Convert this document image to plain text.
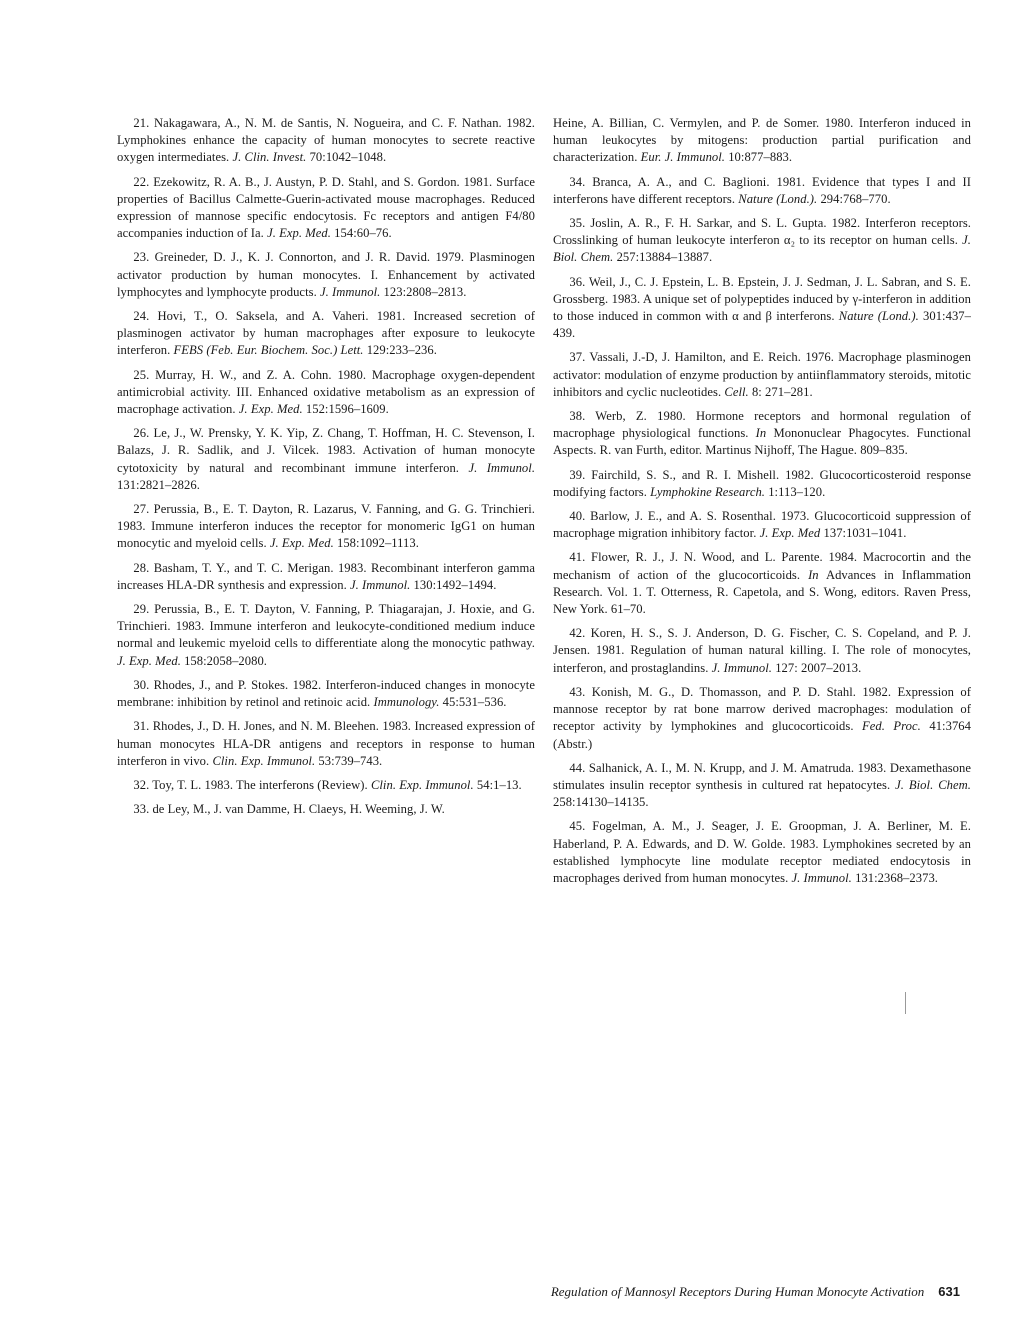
21. Nakagawara, A., N. M. de Santis, N. Nogueira, and C. F. Nathan. 1982. Lymphokines enhance the capacity of human monocytes to secrete reactive oxygen intermediates. J. Clin. Invest. 70:1042–1048.

22. Ezekowitz, R. A. B., J. Austyn, P. D. Stahl, and S. Gordon. 1981. Surface properties of Bacillus Calmette-Guerin-activated mouse macrophages. Reduced expression of mannose specific endocytosis. Fc receptors and antigen F4/80 accompanies induction of Ia. J. Exp. Med. 154:60–76.

23. Greineder, D. J., K. J. Connorton, and J. R. David. 1979. Plasminogen activator production by human monocytes. I. Enhancement by activated lymphocytes and lymphocyte products. J. Immunol. 123:2808–2813.

24. Hovi, T., O. Saksela, and A. Vaheri. 1981. Increased secretion of plasminogen activator by human macrophages after exposure to leukocyte interferon. FEBS (Feb. Eur. Biochem. Soc.) Lett. 129:233–236.

25. Murray, H. W., and Z. A. Cohn. 1980. Macrophage oxygen-dependent antimicrobial activity. III. Enhanced oxidative metabolism as an expression of macrophage activation. J. Exp. Med. 152:1596–1609.

26. Le, J., W. Prensky, Y. K. Yip, Z. Chang, T. Hoffman, H. C. Stevenson, I. Balazs, J. R. Sadlik, and J. Vilcek. 1983. Activation of human monocyte cytotoxicity by natural and recombinant immune interferon. J. Immunol. 131:2821–2826.

27. Perussia, B., E. T. Dayton, R. Lazarus, V. Fanning, and G. G. Trinchieri. 1983. Immune interferon induces the receptor for monomeric IgG1 on human monocytic and myeloid cells. J. Exp. Med. 158:1092–1113.

28. Basham, T. Y., and T. C. Merigan. 1983. Recombinant interferon gamma increases HLA-DR synthesis and expression. J. Immunol. 130:1492–1494.

29. Perussia, B., E. T. Dayton, V. Fanning, P. Thiagarajan, J. Hoxie, and G. Trinchieri. 1983. Immune interferon and leukocyte-conditioned medium induce normal and leukemic myeloid cells to differentiate along the monocytic pathway. J. Exp. Med. 158:2058–2080.

30. Rhodes, J., and P. Stokes. 1982. Interferon-induced changes in monocyte membrane: inhibition by retinol and retinoic acid. Immunology. 45:531–536.

31. Rhodes, J., D. H. Jones, and N. M. Bleehen. 1983. Increased expression of human monocytes HLA-DR antigens and receptors in response to human interferon in vivo. Clin. Exp. Immunol. 53:739–743.

32. Toy, T. L. 1983. The interferons (Review). Clin. Exp. Immunol. 54:1–13.

33. de Ley, M., J. van Damme, H. Claeys, H. Weeming, J. W.

Heine, A. Billian, C. Vermylen, and P. de Somer. 1980. Interferon induced in human leukocytes by mitogens: production partial purification and characterization. Eur. J. Immunol. 10:877–883.

34. Branca, A. A., and C. Baglioni. 1981. Evidence that types I and II interferons have different receptors. Nature (Lond.). 294:768–770.

35. Joslin, A. R., F. H. Sarkar, and S. L. Gupta. 1982. Interferon receptors. Crosslinking of human leukocyte interferon α₂ to its receptor on human cells. J. Biol. Chem. 257:13884–13887.

36. Weil, J., C. J. Epstein, L. B. Epstein, J. J. Sedman, J. L. Sabran, and S. E. Grossberg. 1983. A unique set of polypeptides induced by γ-interferon in addition to those induced in common with α and β interferons. Nature (Lond.). 301:437–439.

37. Vassali, J.-D, J. Hamilton, and E. Reich. 1976. Macrophage plasminogen activator: modulation of enzyme production by antiinflammatory steroids, mitotic inhibitors and cyclic nucleotides. Cell. 8: 271–281.

38. Werb, Z. 1980. Hormone receptors and hormonal regulation of macrophage physiological functions. In Mononuclear Phagocytes. Functional Aspects. R. van Furth, editor. Martinus Nijhoff, The Hague. 809–835.

39. Fairchild, S. S., and R. I. Mishell. 1982. Glucocorticosteroid response modifying factors. Lymphokine Research. 1:113–120.

40. Barlow, J. E., and A. S. Rosenthal. 1973. Glucocorticoid suppression of macrophage migration inhibitory factor. J. Exp. Med 137:1031–1041.

41. Flower, R. J., J. N. Wood, and L. Parente. 1984. Macrocortin and the mechanism of action of the glucocorticoids. In Advances in Inflammation Research. Vol. 1. T. Otterness, R. Capetola, and S. Wong, editors. Raven Press, New York. 61–70.

42. Koren, H. S., S. J. Anderson, D. G. Fischer, C. S. Copeland, and P. J. Jensen. 1981. Regulation of human natural killing. I. The role of monocytes, interferon, and prostaglandins. J. Immunol. 127: 2007–2013.

43. Konish, M. G., D. Thomasson, and P. D. Stahl. 1982. Expression of mannose receptor by rat bone marrow derived macrophages: modulation of receptor activity by lymphokines and glucocorticoids. Fed. Proc. 41:3764 (Abstr.)

44. Salhanick, A. I., M. N. Krupp, and J. M. Amatruda. 1983. Dexamethasone stimulates insulin receptor synthesis in cultured rat hepatocytes. J. Biol. Chem. 258:14130–14135.

45. Fogelman, A. M., J. Seager, J. E. Groopman, J. A. Berliner, M. E. Haberland, P. A. Edwards, and D. W. Golde. 1983. Lymphokines secreted by an established lymphocyte line modulate receptor mediated endocytosis in macrophages derived from human monocytes. J. Immunol. 131:2368–2373.

Regulation of Mannosyl Receptors During Human Monocyte Activation 631
